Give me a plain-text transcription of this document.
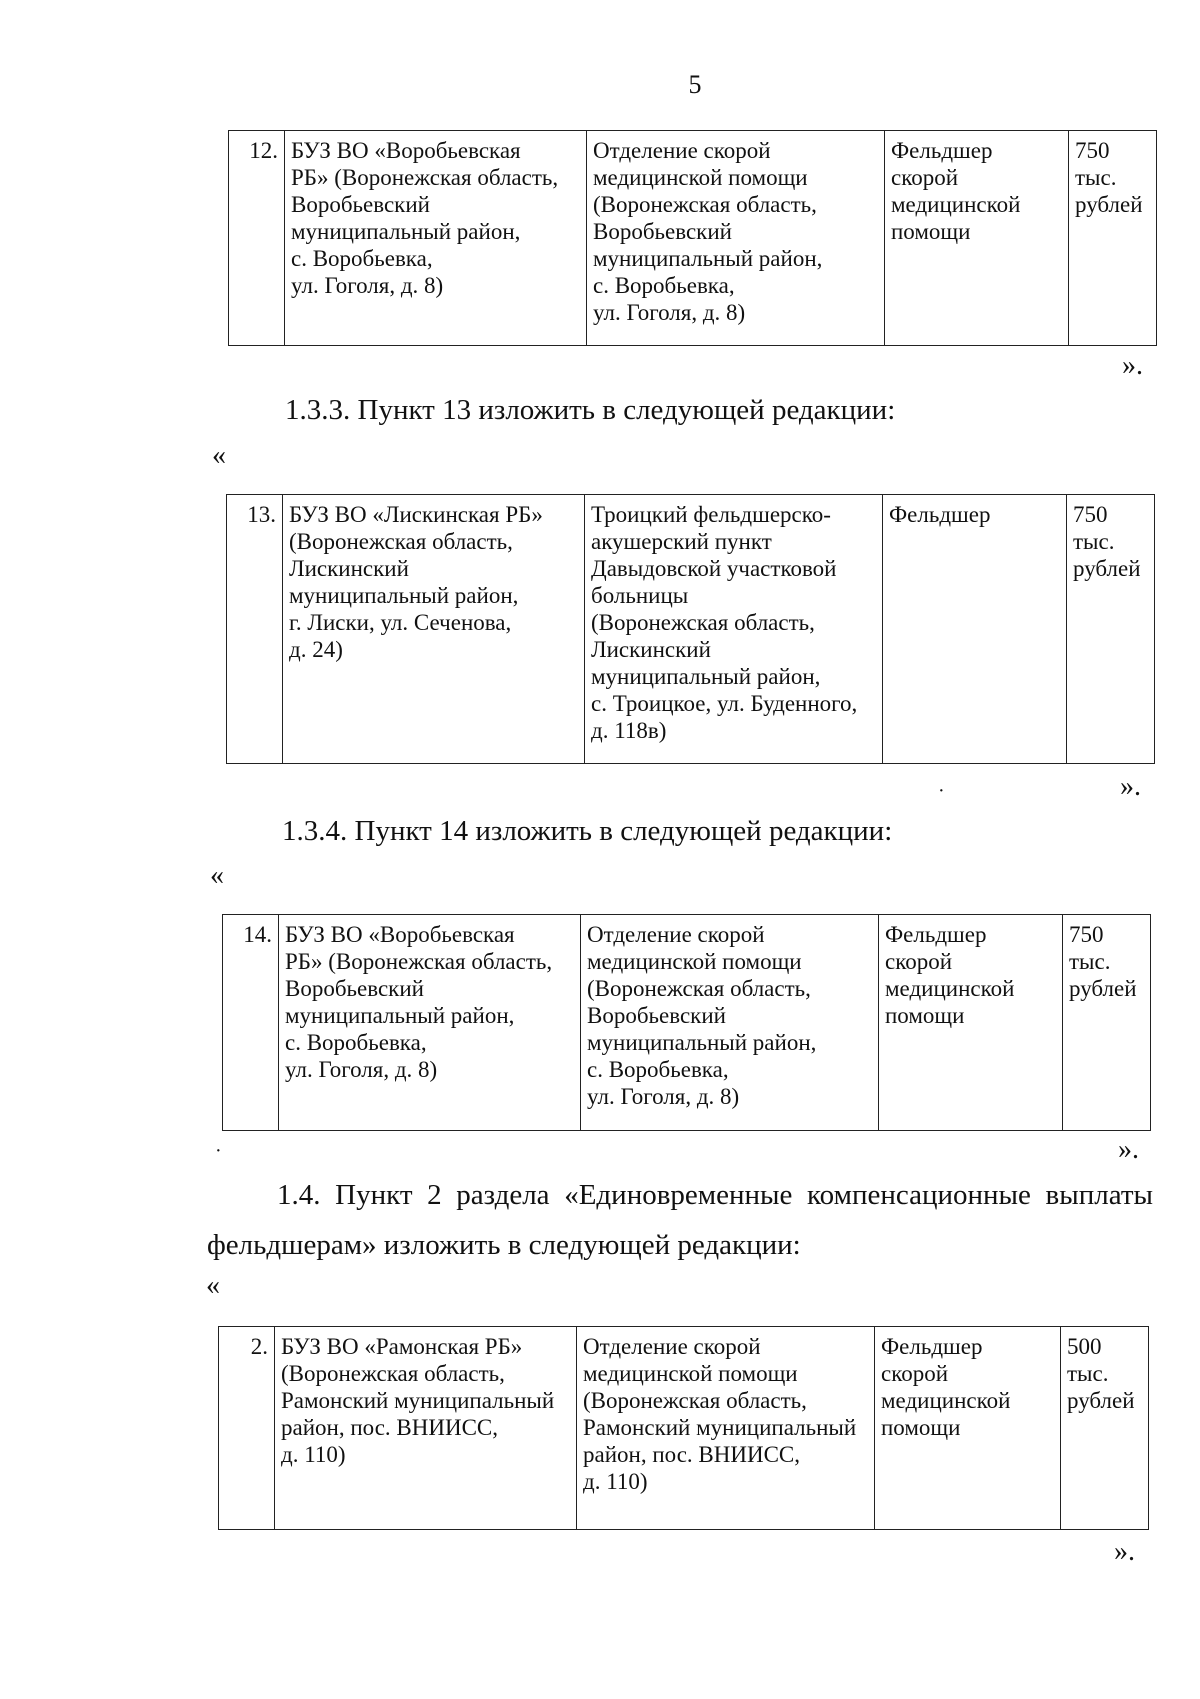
5
12.	БУЗ ВО «Воробьевская
РБ» (Воронежская область,
Воробьевский
муниципальный район,
с. Воробьевка,
ул. Гоголя, д. 8)	Отделение скорой
медицинской помощи
(Воронежская область,
Воробьевский
муниципальный район,
с. Воробьевка,
ул. Гоголя, д. 8)	Фельдшер
скорой
медицинской
помощи	750
тыс.
рублей
».
1.3.3. Пункт 13 изложить в следующей редакции:
«
13.	БУЗ ВО «Лискинская РБ»
(Воронежская область,
Лискинский
муниципальный район,
г. Лиски, ул. Сеченова,
д. 24)	Троицкий фельдшерско-
акушерский пункт
Давыдовской участковой
больницы
(Воронежская область,
Лискинский
муниципальный район,
с. Троицкое, ул. Буденного,
д. 118в)	Фельдшер	750
тыс.
рублей
·	».
1.3.4. Пункт 14 изложить в следующей редакции:
«
14.	БУЗ ВО «Воробьевская
РБ» (Воронежская область,
Воробьевский
муниципальный район,
с. Воробьевка,
ул. Гоголя, д. 8)	Отделение скорой
медицинской помощи
(Воронежская область,
Воробьевский
муниципальный район,
с. Воробьевка,
ул. Гоголя, д. 8)	Фельдшер
скорой
медицинской
помощи	750
тыс.
рублей
·	».
1.4. Пункт 2 раздела «Единовременные компенсационные выплаты
фельдшерам» изложить в следующей редакции:
«
2.	БУЗ ВО «Рамонская РБ»
(Воронежская область,
Рамонский муниципальный
район, пос. ВНИИСС,
д. 110)	Отделение скорой
медицинской помощи
(Воронежская область,
Рамонский муниципальный
район, пос. ВНИИСС,
д. 110)	Фельдшер
скорой
медицинской
помощи	500
тыс.
рублей
».
